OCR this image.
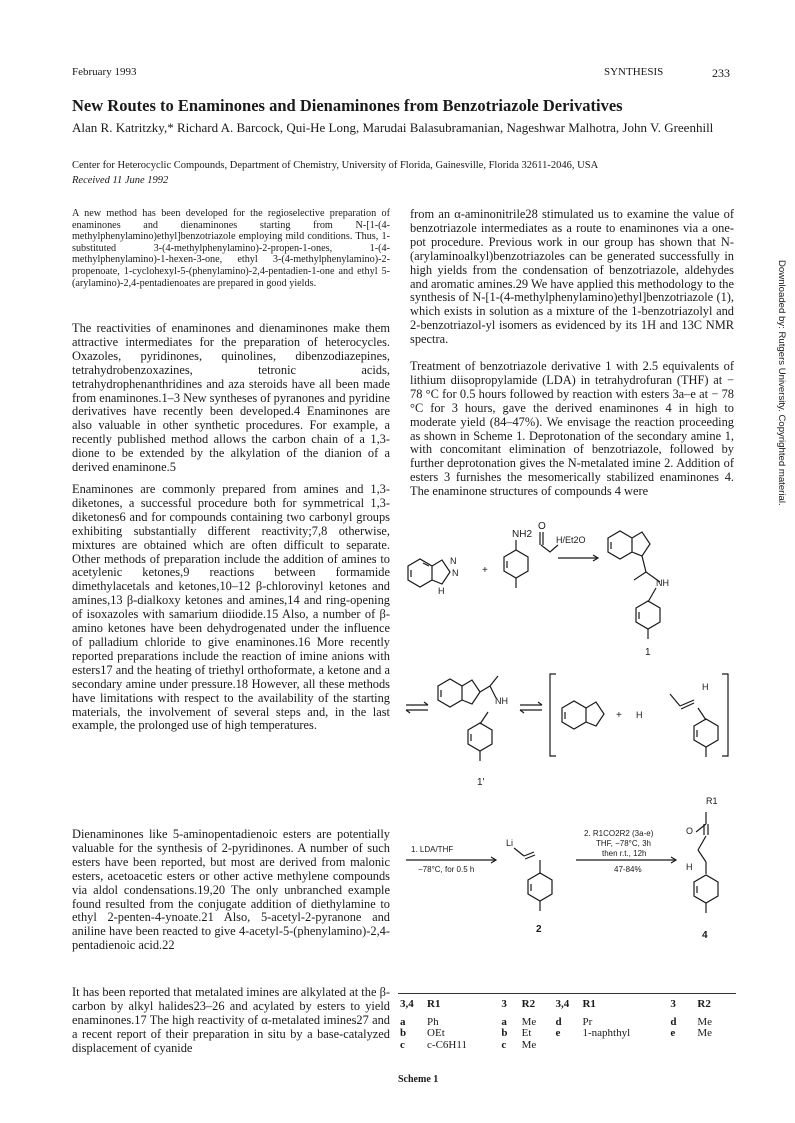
February 1993	SYNTHESIS	233
New Routes to Enaminones and Dienaminones from Benzotriazole Derivatives
Alan R. Katritzky,* Richard A. Barcock, Qui-He Long, Marudai Balasubramanian, Nageshwar Malhotra, John V. Greenhill
Center for Heterocyclic Compounds, Department of Chemistry, University of Florida, Gainesville, Florida 32611-2046, USA
Received 11 June 1992
A new method has been developed for the regioselective preparation of enaminones and dienaminones starting from N-[1-(4-methylphenylamino)ethyl]benzotriazole employing mild conditions. Thus, 1-substituted 3-(4-methylphenylamino)-2-propen-1-ones, 1-(4-methylphenylamino)-1-hexen-3-one, ethyl 3-(4-methylphenylamino)-2-propenoate, 1-cyclohexyl-5-(phenylamino)-2,4-pentadien-1-one and ethyl 5-(arylamino)-2,4-pentadienoates are prepared in good yields.
The reactivities of enaminones and dienaminones make them attractive intermediates for the preparation of heterocycles. Oxazoles, pyridinones, quinolines, dibenzodiazepines, tetrahydrobenzoxazines, tetronic acids, tetrahydrophenanthridines and aza steroids have all been made from enaminones.1–3 New syntheses of pyranones and pyridine derivatives have recently been developed.4 Enaminones are also valuable in other synthetic procedures. For example, a recently published method allows the carbon chain of a 1,3-dione to be extended by the alkylation of the dianion of a derived enaminone.5
Enaminones are commonly prepared from amines and 1,3-diketones, a successful procedure both for symmetrical 1,3-diketones6 and for compounds containing two carbonyl groups exhibiting substantially different reactivity;7,8 otherwise, mixtures are obtained which are often difficult to separate. Other methods of preparation include the addition of amines to acetylenic ketones,9 reactions between formamide dimethylacetals and ketones,10–12 β-chlorovinyl ketones and amines,13 β-dialkoxy ketones and amines,14 and ring-opening of isoxazoles with samarium diiodide.15 Also, a number of β-amino ketones have been dehydrogenated under the influence of palladium chloride to give enaminones.16 More recently reported preparations include the reaction of imine anions with esters17 and the heating of triethyl orthoformate, a ketone and a secondary amine under pressure.18 However, all these methods have limitations with respect to the availability of the starting materials, the involvement of several steps and, in the last example, the prolonged use of high temperatures.
Dienaminones like 5-aminopentadienoic esters are potentially valuable for the synthesis of 2-pyridinones. A number of such esters have been reported, but most are derived from malonic esters, acetoacetic esters or other active methylene compounds via aldol condensations.19,20 The only unbranched example found resulted from the conjugate addition of diethylamine to ethyl 2-penten-4-ynoate.21 Also, 5-acetyl-2-pyranone and aniline have been reacted to give 4-acetyl-5-(phenylamino)-2,4-pentadienoic acid.22
It has been reported that metalated imines are alkylated at the β-carbon by alkyl halides23–26 and acylated by esters to yield enaminones.17 The high reactivity of α-metalated imines27 and a recent report of their preparation in situ by a base-catalyzed displacement of cyanide
from an α-aminonitrile28 stimulated us to examine the value of benzotriazole intermediates as a route to enaminones via a one-pot procedure. Previous work in our group has shown that N-(arylaminoalkyl)benzotriazoles can be generated successfully in high yields from the condensation of benzotriazole, aldehydes and aromatic amines.29 We have applied this methodology to the synthesis of N-[1-(4-methylphenylamino)ethyl]benzotriazole (1), which exists in solution as a mixture of the 1-benzotriazolyl and 2-benzotriazol-yl isomers as evidenced by its 1H and 13C NMR spectra.
Treatment of benzotriazole derivative 1 with 2.5 equivalents of lithium diisopropylamide (LDA) in tetrahydrofuran (THF) at − 78 °C for 0.5 hours followed by reaction with esters 3a–e at − 78 °C for 3 hours, gave the derived enaminones 4 in high to moderate yield (84–47%). We envisage the reaction proceeding as shown in Scheme 1. Deprotonation of the secondary amine 1, with concomitant elimination of benzotriazole, followed by further deprotonation gives the N-metalated imine 2. Addition of esters 3 furnishes the mesomerically stabilized enaminones 4. The enaminone structures of compounds 4 were
NH2
O
H/Et2O
+
N
N
H
NH
1
NH
1'
+ H
H
1. LDA/THF
−78°C, for 0.5 h
Li
2
2. R1CO2R2 (3a-e)
THF, −78°C, 3h
then r.t., 12h
47-84%
R1
O
H
4
3,4	R1	3	R2	3,4	R1	3	R2
a	Ph	a	Me	d	Pr	d	Me
b	OEt	b	Et	e	1-naphthyl	e	Me
c	c-C6H11	c	Me				
Scheme 1
Downloaded by: Rutgers University. Copyrighted material.
